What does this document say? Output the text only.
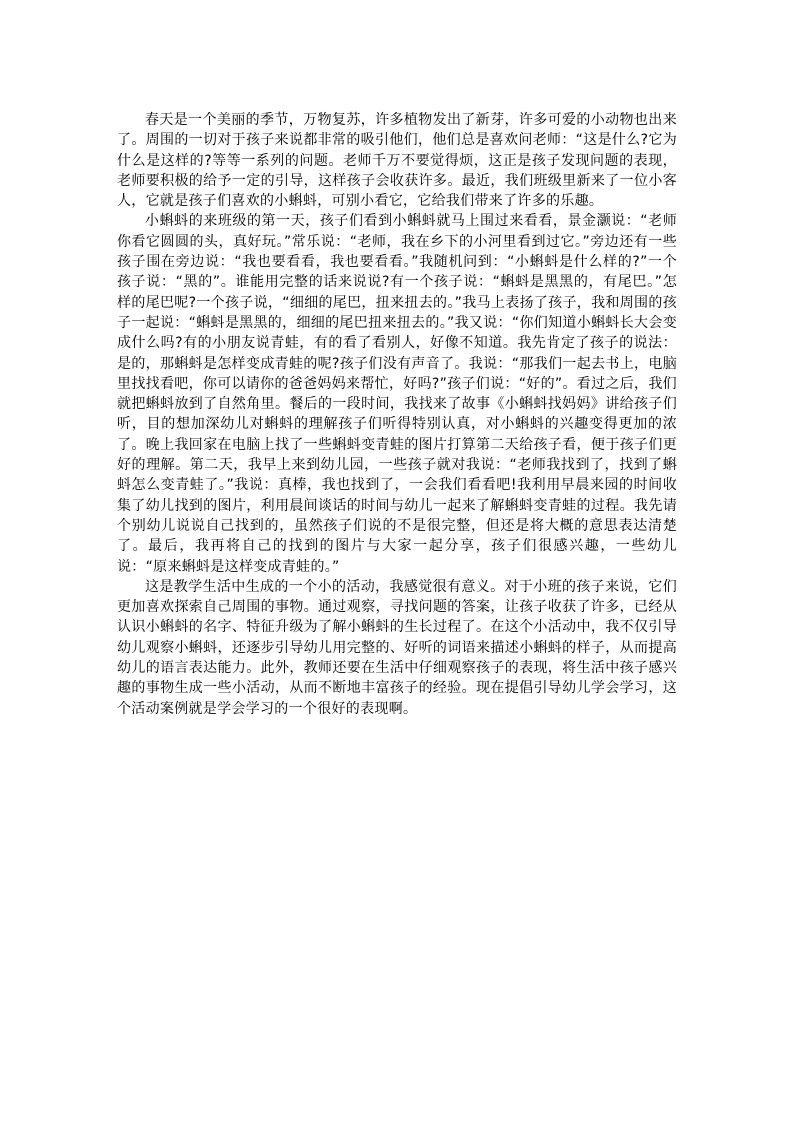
春天是一个美丽的季节，万物复苏，许多植物发出了新芽，许多可爱的小动物也出来了。周围的一切对于孩子来说都非常的吸引他们，他们总是喜欢问老师：“这是什么?它为什么是这样的?等等一系列的问题。老师千万不要觉得烦，这正是孩子发现问题的表现，老师要积极的给予一定的引导，这样孩子会收获许多。最近，我们班级里新来了一位小客人，它就是孩子们喜欢的小蝌蚪，可别小看它，它给我们带来了许多的乐趣。

小蝌蚪的来班级的第一天，孩子们看到小蝌蚪就马上围过来看看，景金灏说：“老师你看它圆圆的头，真好玩。”常乐说：“老师，我在乡下的小河里看到过它。”旁边还有一些孩子围在旁边说：“我也要看看，我也要看看。”我随机问到：“小蝌蚪是什么样的?”一个孩子说：“黑的”。谁能用完整的话来说说?有一个孩子说：“蝌蚪是黑黑的，有尾巴。”怎样的尾巴呢?一个孩子说，“细细的尾巴，扭来扭去的。”我马上表扬了孩子，我和周围的孩子一起说：“蝌蚪是黑黑的，细细的尾巴扭来扭去的。”我又说：“你们知道小蝌蚪长大会变成什么吗?有的小朋友说青蛙，有的看了看别人，好像不知道。我先肯定了孩子的说法：是的，那蝌蚪是怎样变成青蛙的呢?孩子们没有声音了。我说：“那我们一起去书上，电脑里找找看吧，你可以请你的爸爸妈妈来帮忙，好吗?”孩子们说：“好的”。看过之后，我们就把蝌蚪放到了自然角里。餐后的一段时间，我找来了故事《小蝌蚪找妈妈》讲给孩子们听，目的想加深幼儿对蝌蚪的理解孩子们听得特别认真，对小蝌蚪的兴趣变得更加的浓了。晚上我回家在电脑上找了一些蝌蚪变青蛙的图片打算第二天给孩子看，便于孩子们更好的理解。第二天，我早上来到幼儿园，一些孩子就对我说：“老师我找到了，找到了蝌蚪怎么变青蛙了。”我说：真棒，我也找到了，一会我们看看吧!我利用早晨来园的时间收集了幼儿找到的图片，利用晨间谈话的时间与幼儿一起来了解蝌蚪变青蛙的过程。我先请个别幼儿说说自己找到的，虽然孩子们说的不是很完整，但还是将大概的意思表达清楚了。最后，我再将自己的找到的图片与大家一起分享，孩子们很感兴趣，一些幼儿说：“原来蝌蚪是这样变成青蛙的。”

这是教学生活中生成的一个小的活动，我感觉很有意义。对于小班的孩子来说，它们更加喜欢探索自己周围的事物。通过观察，寻找问题的答案，让孩子收获了许多，已经从认识小蝌蚪的名字、特征升级为了解小蝌蚪的生长过程了。在这个小活动中，我不仅引导幼儿观察小蝌蚪，还逐步引导幼儿用完整的、好听的词语来描述小蝌蚪的样子，从而提高幼儿的语言表达能力。此外，教师还要在生活中仔细观察孩子的表现，将生活中孩子感兴趣的事物生成一些小活动，从而不断地丰富孩子的经验。现在提倡引导幼儿学会学习，这个活动案例就是学会学习的一个很好的表现啊。
